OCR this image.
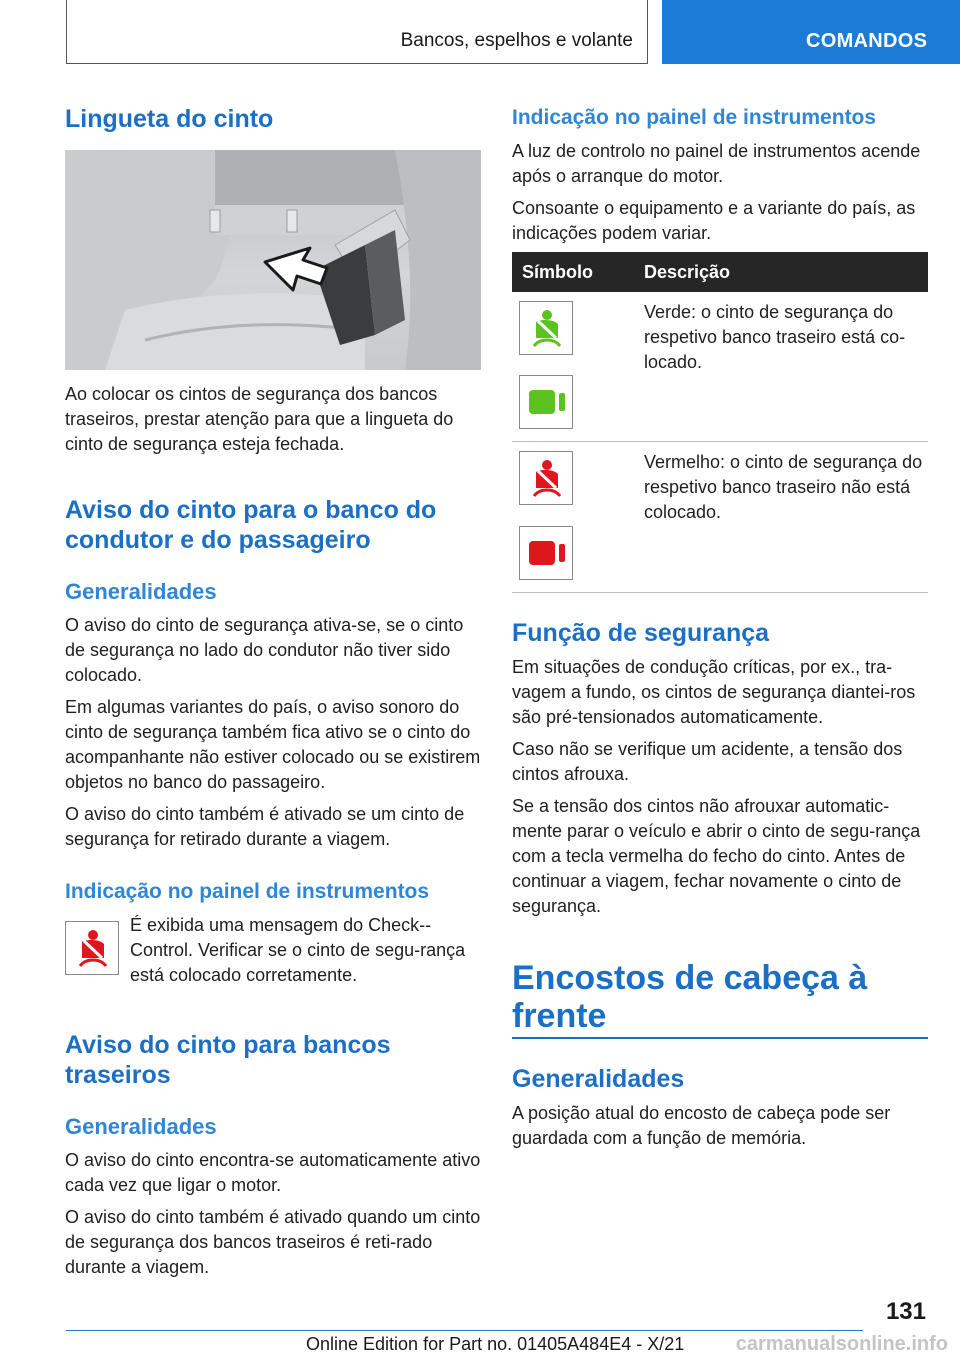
Bancos, espelhos e volante	COMANDOS
Lingueta do cinto

Ao colocar os cintos de segurança dos bancos traseiros, prestar atenção para que a lingueta do cinto de segurança esteja fechada.

Aviso do cinto para o banco do
condutor e do passageiro
Generalidades

O aviso do cinto de segurança ativa-se, se o cinto de segurança no lado do condutor não tiver sido colocado.

Em algumas variantes do país, o aviso sonoro do cinto de segurança também fica ativo se o cinto do acompanhante não estiver colocado ou se existirem objetos no banco do passageiro.

O aviso do cinto também é ativado se um cinto de segurança for retirado durante a viagem.

Indicação no painel de instrumentos

É exibida uma mensagem do Check--Control. Verificar se o cinto de segu-rança está colocado corretamente.

Aviso do cinto para bancos
traseiros
Generalidades

O aviso do cinto encontra-se automaticamente ativo cada vez que ligar o motor.

O aviso do cinto também é ativado quando um cinto de segurança dos bancos traseiros é reti-rado durante a viagem.

Indicação no painel de instrumentos

A luz de controlo no painel de instrumentos acende após o arranque do motor.

Consoante o equipamento e a variante do país, as indicações podem variar.

Símbolo	Descrição

Verde: o cinto de segurança do respetivo banco traseiro está co-locado.

Vermelho: o cinto de segurança do respetivo banco traseiro não está colocado.

Função de segurança

Em situações de condução críticas, por ex., tra-vagem a fundo, os cintos de segurança diantei-ros são pré-tensionados automaticamente.

Caso não se verifique um acidente, a tensão dos cintos afrouxa.

Se a tensão dos cintos não afrouxar automatic-mente parar o veículo e abrir o cinto de segu-rança com a tecla vermelha do fecho do cinto. Antes de continuar a viagem, fechar novamente o cinto de segurança.

Encostos de cabeça à
frente
Generalidades

A posição atual do encosto de cabeça pode ser guardada com a função de memória.

131
Online Edition for Part no. 01405A484E4 - X/21	carmanualsonline.info
